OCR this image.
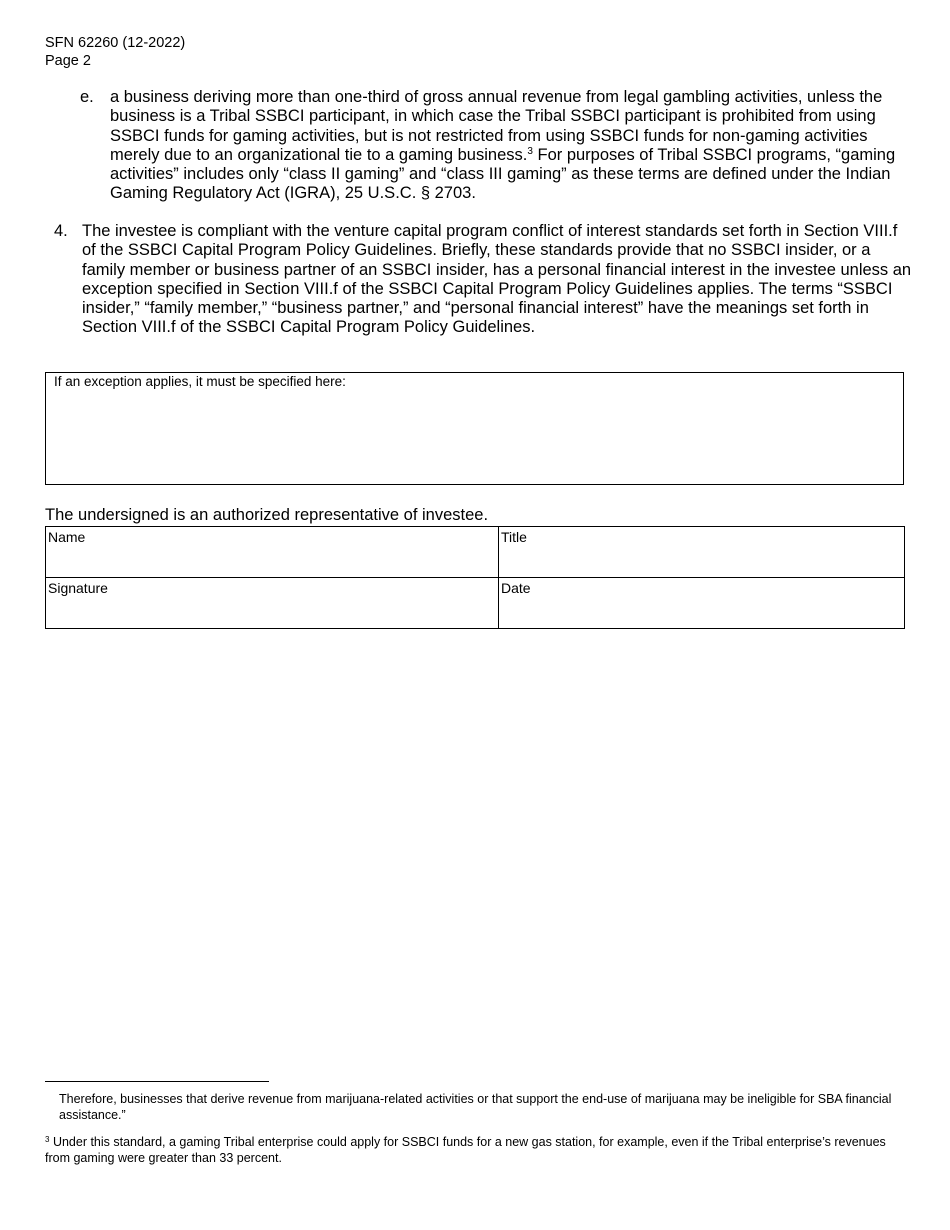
SFN 62260 (12-2022)
Page 2
e. a business deriving more than one-third of gross annual revenue from legal gambling activities, unless the business is a Tribal SSBCI participant, in which case the Tribal SSBCI participant is prohibited from using SSBCI funds for gaming activities, but is not restricted from using SSBCI funds for non-gaming activities merely due to an organizational tie to a gaming business.$^3$ For purposes of Tribal SSBCI programs, “gaming activities” includes only “class II gaming” and “class III gaming” as these terms are defined under the Indian Gaming Regulatory Act (IGRA), 25 U.S.C. § 2703.
4. The investee is compliant with the venture capital program conflict of interest standards set forth in Section VIII.f of the SSBCI Capital Program Policy Guidelines. Briefly, these standards provide that no SSBCI insider, or a family member or business partner of an SSBCI insider, has a personal financial interest in the investee unless an exception specified in Section VIII.f of the SSBCI Capital Program Policy Guidelines applies. The terms “SSBCI insider,” “family member,” “business partner,” and “personal financial interest” have the meanings set forth in Section VIII.f of the SSBCI Capital Program Policy Guidelines.
If an exception applies, it must be specified here:
The undersigned is an authorized representative of investee.
Name	Title
Signature	Date
Therefore, businesses that derive revenue from marijuana-related activities or that support the end-use of marijuana may be ineligible for SBA financial assistance.”
$^3$ Under this standard, a gaming Tribal enterprise could apply for SSBCI funds for a new gas station, for example, even if the Tribal enterprise’s revenues from gaming were greater than 33 percent.
